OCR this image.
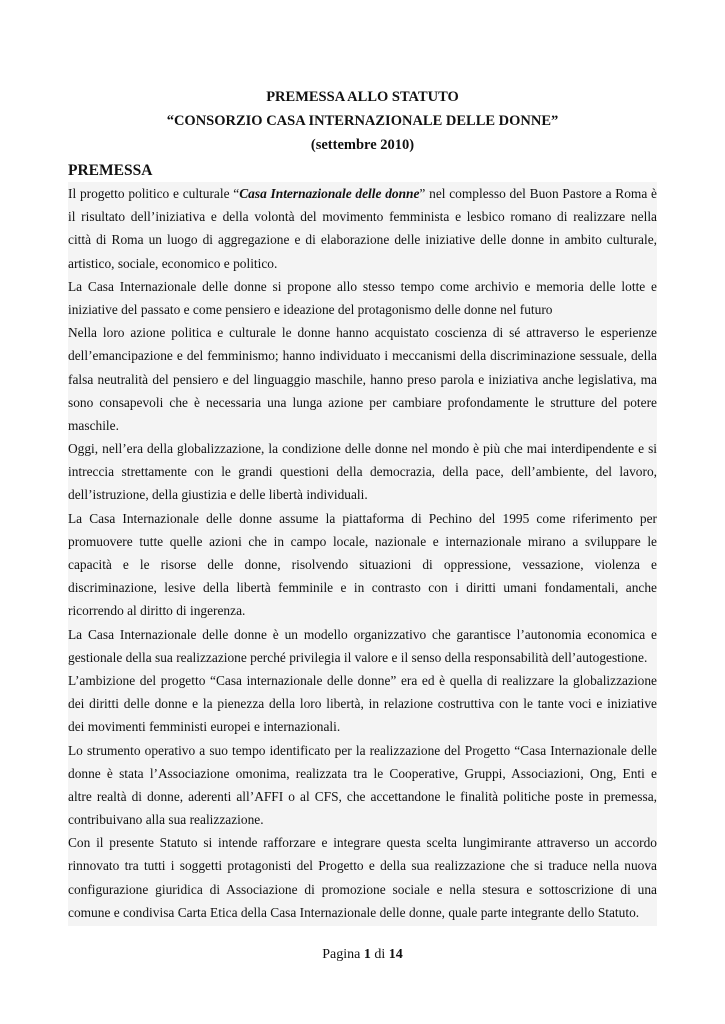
PREMESSA ALLO STATUTO
“CONSORZIO CASA INTERNAZIONALE DELLE DONNE”
(settembre 2010)
PREMESSA
Il progetto politico e culturale “Casa Internazionale delle donne” nel complesso del Buon Pastore a Roma è
il risultato dell’iniziativa e della volontà del movimento femminista e lesbico romano di realizzare nella
città di Roma un luogo di aggregazione e di elaborazione delle iniziative delle donne in ambito culturale,
artistico, sociale, economico e politico.
La Casa Internazionale delle donne si propone allo stesso tempo come archivio e memoria delle lotte e
iniziative del passato e come pensiero e ideazione del protagonismo delle donne nel futuro
Nella loro azione politica e culturale le donne hanno acquistato coscienza di sé attraverso le esperienze
dell’emancipazione e del femminismo; hanno individuato i meccanismi della discriminazione sessuale, della
falsa neutralità del pensiero e del linguaggio maschile, hanno preso parola e iniziativa anche legislativa, ma
sono consapevoli che è necessaria una lunga azione per cambiare profondamente le strutture del potere
maschile.
Oggi, nell’era della globalizzazione, la condizione delle donne nel mondo è più che mai interdipendente e si
intreccia strettamente con le grandi questioni della democrazia, della pace, dell’ambiente, del lavoro,
dell’istruzione, della giustizia e delle libertà individuali.
La Casa Internazionale delle donne assume la piattaforma di Pechino del 1995 come riferimento per
promuovere tutte quelle azioni che in campo locale, nazionale e internazionale mirano a sviluppare le
capacità e le risorse delle donne, risolvendo situazioni di oppressione, vessazione, violenza e
discriminazione, lesive della libertà femminile e in contrasto con i diritti umani fondamentali, anche
ricorrendo al diritto di ingerenza.
La Casa Internazionale delle donne è un modello organizzativo che garantisce l’autonomia economica e
gestionale della sua realizzazione perché privilegia il valore e il senso della responsabilità dell’autogestione.
L’ambizione del progetto “Casa internazionale delle donne” era ed è quella di realizzare la globalizzazione
dei diritti delle donne e la pienezza della loro libertà, in relazione costruttiva con le tante voci e iniziative
dei movimenti femministi europei e internazionali.
Lo strumento operativo a suo tempo identificato per la realizzazione del Progetto “Casa Internazionale delle
donne è stata l’Associazione omonima, realizzata tra le Cooperative, Gruppi, Associazioni, Ong, Enti e
altre realtà di donne, aderenti all’AFFI o al CFS, che accettandone le finalità politiche poste in premessa,
contribuivano alla sua realizzazione.
Con il presente Statuto si intende rafforzare e integrare questa scelta lungimirante attraverso un accordo
rinnovato tra tutti i soggetti protagonisti del Progetto e della sua realizzazione che si traduce nella nuova
configurazione giuridica di Associazione di promozione sociale e nella stesura e sottoscrizione di una
comune e condivisa Carta Etica della Casa Internazionale delle donne, quale parte integrante dello Statuto.
Pagina 1 di 14
